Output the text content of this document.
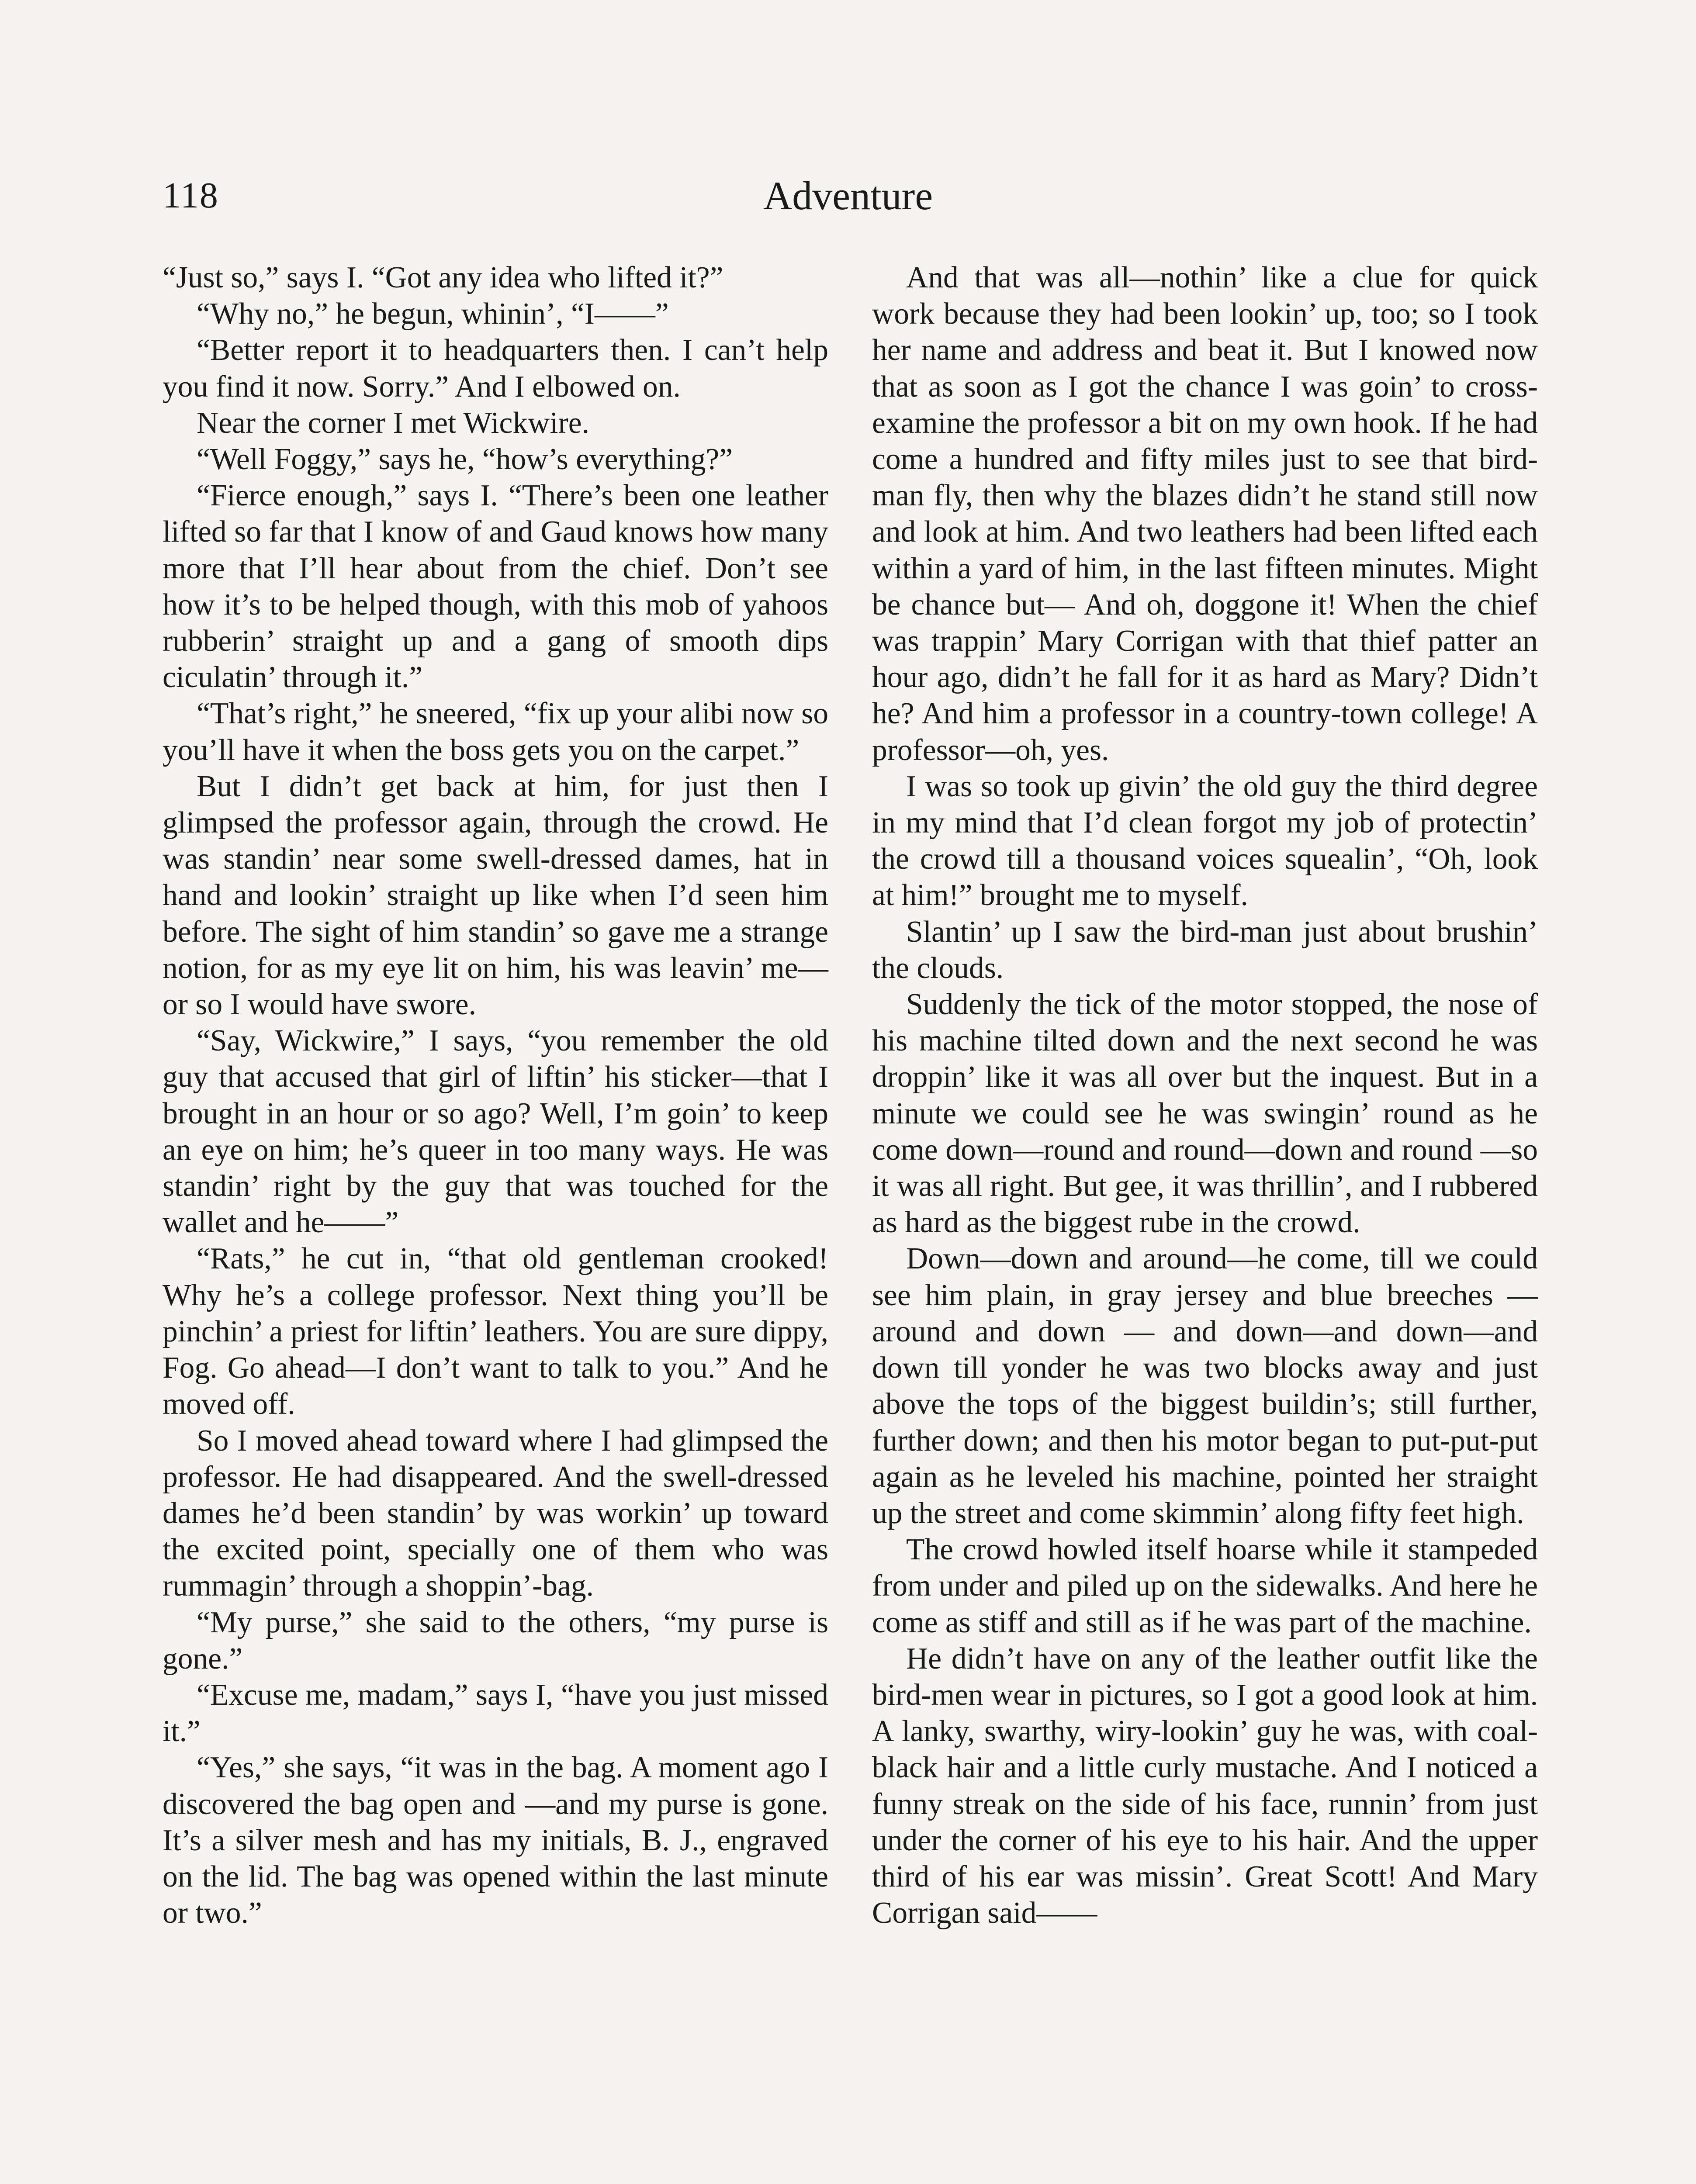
118	Adventure

“Just so,” says I. “Got any idea who lifted it?”

“Why no,” he begun, whinin’, “I——”

“Better report it to headquarters then. I can’t help you find it now. Sorry.” And I elbowed on.

Near the corner I met Wickwire.

“Well Foggy,” says he, “how’s everything?”

“Fierce enough,” says I. “There’s been one leather lifted so far that I know of and Gaud knows how many more that I’ll hear about from the chief. Don’t see how it’s to be helped though, with this mob of yahoos rubberin’ straight up and a gang of smooth dips ciculatin’ through it.”

“That’s right,” he sneered, “fix up your alibi now so you’ll have it when the boss gets you on the carpet.”

But I didn’t get back at him, for just then I glimpsed the professor again, through the crowd. He was standin’ near some swell-dressed dames, hat in hand and lookin’ straight up like when I’d seen him before. The sight of him standin’ so gave me a strange notion, for as my eye lit on him, his was leavin’ me—or so I would have swore.

“Say, Wickwire,” I says, “you remember the old guy that accused that girl of liftin’ his sticker—that I brought in an hour or so ago? Well, I’m goin’ to keep an eye on him; he’s queer in too many ways. He was standin’ right by the guy that was touched for the wallet and he——”

“Rats,” he cut in, “that old gentleman crooked! Why he’s a college professor. Next thing you’ll be pinchin’ a priest for liftin’ leathers. You are sure dippy, Fog. Go ahead—I don’t want to talk to you.” And he moved off.

So I moved ahead toward where I had glimpsed the professor. He had disappeared. And the swell-dressed dames he’d been standin’ by was workin’ up toward the excited point, specially one of them who was rummagin’ through a shoppin’-bag.

“My purse,” she said to the others, “my purse is gone.”

“Excuse me, madam,” says I, “have you just missed it.”

“Yes,” she says, “it was in the bag. A moment ago I discovered the bag open and —and my purse is gone. It’s a silver mesh and has my initials, B. J., engraved on the lid. The bag was opened within the last minute or two.”

And that was all—nothin’ like a clue for quick work because they had been lookin’ up, too; so I took her name and address and beat it. But I knowed now that as soon as I got the chance I was goin’ to cross-examine the professor a bit on my own hook. If he had come a hundred and fifty miles just to see that bird-man fly, then why the blazes didn’t he stand still now and look at him. And two leathers had been lifted each within a yard of him, in the last fifteen minutes. Might be chance but— And oh, doggone it! When the chief was trappin’ Mary Corrigan with that thief patter an hour ago, didn’t he fall for it as hard as Mary? Didn’t he? And him a professor in a country-town college! A professor—oh, yes.

I was so took up givin’ the old guy the third degree in my mind that I’d clean forgot my job of protectin’ the crowd till a thousand voices squealin’, “Oh, look at him!” brought me to myself.

Slantin’ up I saw the bird-man just about brushin’ the clouds.

Suddenly the tick of the motor stopped, the nose of his machine tilted down and the next second he was droppin’ like it was all over but the inquest. But in a minute we could see he was swingin’ round as he come down—round and round—down and round —so it was all right. But gee, it was thrillin’, and I rubbered as hard as the biggest rube in the crowd.

Down—down and around—he come, till we could see him plain, in gray jersey and blue breeches — around and down — and down—and down—and down till yonder he was two blocks away and just above the tops of the biggest buildin’s; still further, further down; and then his motor began to put-put-put again as he leveled his machine, pointed her straight up the street and come skimmin’ along fifty feet high.

The crowd howled itself hoarse while it stampeded from under and piled up on the sidewalks. And here he come as stiff and still as if he was part of the machine.

He didn’t have on any of the leather outfit like the bird-men wear in pictures, so I got a good look at him. A lanky, swarthy, wiry-lookin’ guy he was, with coal-black hair and a little curly mustache. And I noticed a funny streak on the side of his face, runnin’ from just under the corner of his eye to his hair. And the upper third of his ear was missin’. Great Scott! And Mary Corrigan said——
